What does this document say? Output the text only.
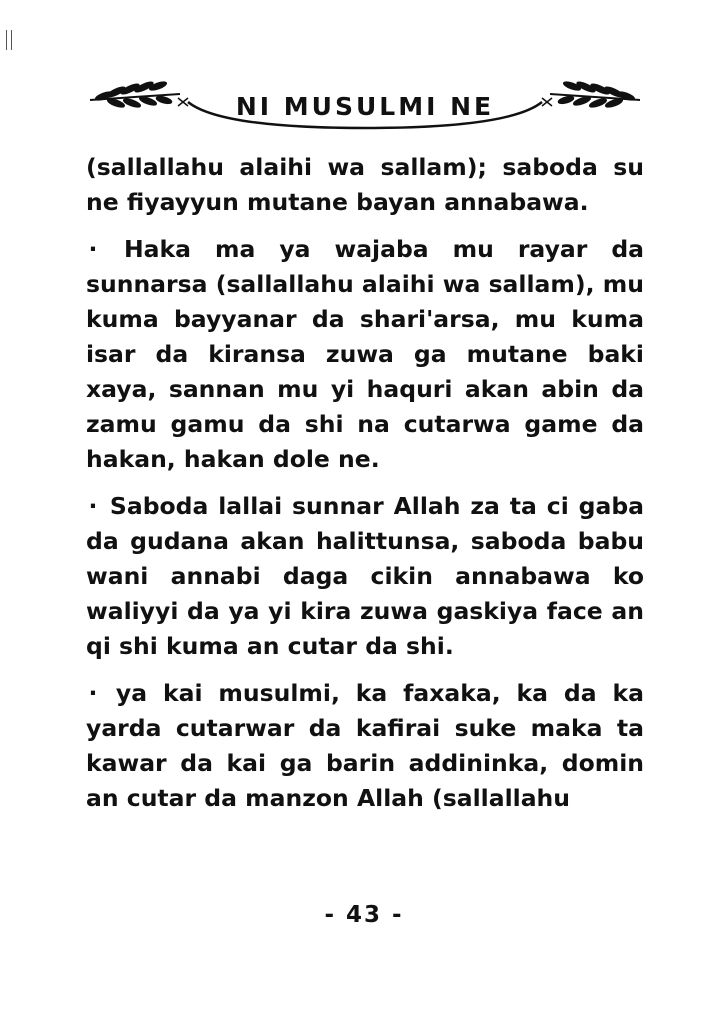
NI MUSULMI NE

(sallallahu alaihi wa sallam); saboda su ne fiyayyun mutane bayan annabawa.

· Haka ma ya wajaba mu rayar da sunnarsa (sallallahu alaihi wa sallam), mu kuma bayyanar da shari'arsa, mu kuma isar da kiransa zuwa ga mutane baki xaya, sannan mu yi haquri akan abin da zamu gamu da shi na cutarwa game da hakan, hakan dole ne.

· Saboda lallai sunnar Allah za ta ci gaba da gudana akan halittunsa, saboda babu wani annabi daga cikin annabawa ko waliyyi da ya yi kira zuwa gaskiya face an qi shi kuma an cutar da shi.

· ya kai musulmi, ka faxaka, ka da ka yarda cutarwar da kafirai suke maka ta kawar da kai ga barin addininka, domin an cutar da manzon Allah (sallallahu

- 43 -
